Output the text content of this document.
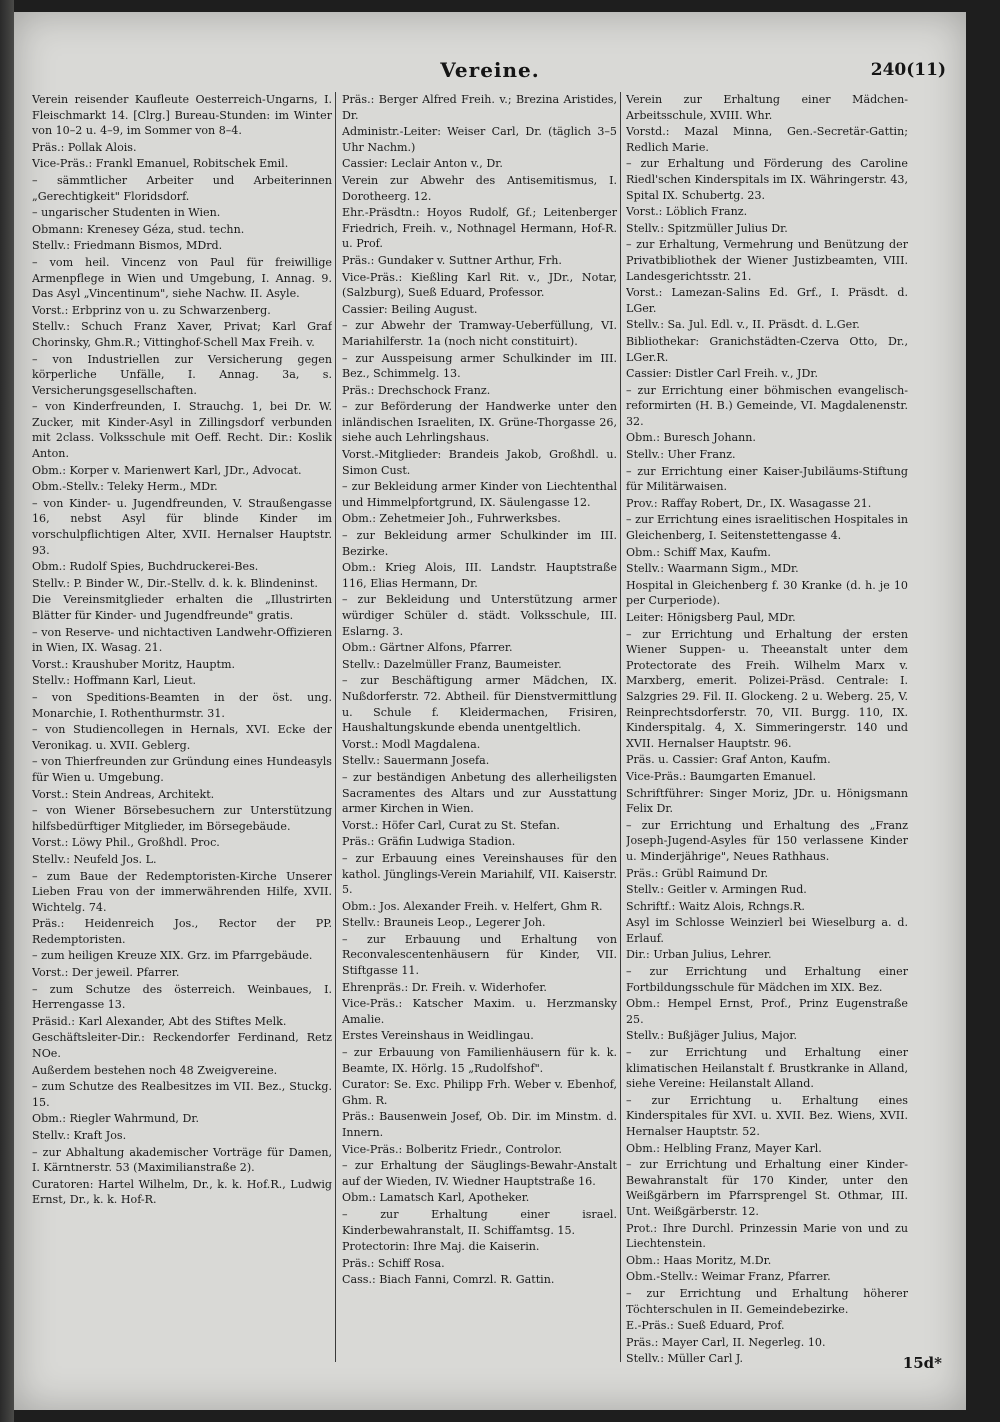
Vereine.	240(11)
Verein reisender Kaufleute Oesterreich-Ungarns, I. Fleischmarkt 14. [Clrg.] Bureau-Stunden: im Winter von 10–2 u. 4–9, im Sommer von 8–4.
Präs.: Pollak Alois.
Vice-Präs.: Frankl Emanuel, Robitschek Emil.
– sämmtlicher Arbeiter und Arbeiterinnen „Gerechtigkeit" Floridsdorf.
– ungarischer Studenten in Wien.
Obmann: Krenesey Géza, stud. techn.
Stellv.: Friedmann Bismos, MDrd.
– vom heil. Vincenz von Paul für freiwillige Armenpflege in Wien und Umgebung, I. Annag. 9. Das Asyl „Vincentinum", siehe Nachw. II. Asyle.
Vorst.: Erbprinz von u. zu Schwarzenberg.
Stellv.: Schuch Franz Xaver, Privat; Karl Graf Chorinsky, Ghm.R.; Vittinghof-Schell Max Freih. v.
– von Industriellen zur Versicherung gegen körperliche Unfälle, I. Annag. 3a, s. Versicherungsgesellschaften.
– von Kinderfreunden, I. Strauchg. 1, bei Dr. W. Zucker, mit Kinder-Asyl in Zillingsdorf verbunden mit 2class. Volksschule mit Oeff. Recht. Dir.: Koslik Anton.
Obm.: Korper v. Marienwert Karl, JDr., Advocat.
Obm.-Stellv.: Teleky Herm., MDr.
– von Kinder- u. Jugendfreunden, V. Straußengasse 16, nebst Asyl für blinde Kinder im vorschulpflichtigen Alter, XVII. Hernalser Hauptstr. 93.
Obm.: Rudolf Spies, Buchdruckerei-Bes.
Stellv.: P. Binder W., Dir.-Stellv. d. k. k. Blindeninst.
Die Vereinsmitglieder erhalten die „Illustrirten Blätter für Kinder- und Jugendfreunde" gratis.
– von Reserve- und nichtactiven Landwehr-Offizieren in Wien, IX. Wasag. 21.
Vorst.: Kraushuber Moritz, Hauptm.
Stellv.: Hoffmann Karl, Lieut.
– von Speditions-Beamten in der öst. ung. Monarchie, I. Rothenthurmstr. 31.
– von Studiencollegen in Hernals, XVI. Ecke der Veronikag. u. XVII. Geblerg.
– von Thierfreunden zur Gründung eines Hundeasyls für Wien u. Umgebung.
Vorst.: Stein Andreas, Architekt.
– von Wiener Börsebesuchern zur Unterstützung hilfsbedürftiger Mitglieder, im Börsegebäude.
Vorst.: Löwy Phil., Großhdl. Proc.
Stellv.: Neufeld Jos. L.
– zum Baue der Redemptoristen-Kirche Unserer Lieben Frau von der immerwährenden Hilfe, XVII. Wichtelg. 74.
Präs.: Heidenreich Jos., Rector der PP. Redemptoristen.
– zum heiligen Kreuze XIX. Grz. im Pfarrgebäude.
Vorst.: Der jeweil. Pfarrer.
– zum Schutze des österreich. Weinbaues, I. Herrengasse 13.
Präsid.: Karl Alexander, Abt des Stiftes Melk.
Geschäftsleiter-Dir.: Reckendorfer Ferdinand, Retz NOe.
Außerdem bestehen noch 48 Zweigvereine.
– zum Schutze des Realbesitzes im VII. Bez., Stuckg. 15.
Obm.: Riegler Wahrmund, Dr.
Stellv.: Kraft Jos.
– zur Abhaltung akademischer Vorträge für Damen, I. Kärntnerstr. 53 (Maximilianstraße 2).
Curatoren: Hartel Wilhelm, Dr., k. k. Hof.R., Ludwig Ernst, Dr., k. k. Hof-R.
Präs.: Berger Alfred Freih. v.; Brezina Aristides, Dr.
Administr.-Leiter: Weiser Carl, Dr. (täglich 3–5 Uhr Nachm.)
Cassier: Leclair Anton v., Dr.
Verein zur Abwehr des Antisemitismus, I. Dorotheerg. 12.
Ehr.-Präsdtn.: Hoyos Rudolf, Gf.; Leitenberger Friedrich, Freih. v., Nothnagel Hermann, Hof-R. u. Prof.
Präs.: Gundaker v. Suttner Arthur, Frh.
Vice-Präs.: Kießling Karl Rit. v., JDr., Notar, (Salzburg), Sueß Eduard, Professor.
Cassier: Beiling August.
– zur Abwehr der Tramway-Ueberfüllung, VI. Mariahilferstr. 1a (noch nicht constituirt).
– zur Ausspeisung armer Schulkinder im III. Bez., Schimmelg. 13.
Präs.: Drechschock Franz.
– zur Beförderung der Handwerke unter den inländischen Israeliten, IX. Grüne-Thorgasse 26, siehe auch Lehrlingshaus.
Vorst.-Mitglieder: Brandeis Jakob, Großhdl. u. Simon Cust.
– zur Bekleidung armer Kinder von Liechtenthal und Himmelpfortgrund, IX. Säulengasse 12.
Obm.: Zehetmeier Joh., Fuhrwerksbes.
– zur Bekleidung armer Schulkinder im III. Bezirke.
Obm.: Krieg Alois, III. Landstr. Hauptstraße 116, Elias Hermann, Dr.
– zur Bekleidung und Unterstützung armer würdiger Schüler d. städt. Volksschule, III. Eslarng. 3.
Obm.: Gärtner Alfons, Pfarrer.
Stellv.: Dazelmüller Franz, Baumeister.
– zur Beschäftigung armer Mädchen, IX. Nußdorferstr. 72. Abtheil. für Dienstvermittlung u. Schule f. Kleidermachen, Frisiren, Haushaltungskunde ebenda unentgeltlich.
Vorst.: Modl Magdalena.
Stellv.: Sauermann Josefa.
– zur beständigen Anbetung des allerheiligsten Sacramentes des Altars und zur Ausstattung armer Kirchen in Wien.
Vorst.: Höfer Carl, Curat zu St. Stefan.
Präs.: Gräfin Ludwiga Stadion.
– zur Erbauung eines Vereinshauses für den kathol. Jünglings-Verein Mariahilf, VII. Kaiserstr. 5.
Obm.: Jos. Alexander Freih. v. Helfert, Ghm R.
Stellv.: Brauneis Leop., Legerer Joh.
– zur Erbauung und Erhaltung von Reconvalescentenhäusern für Kinder, VII. Stiftgasse 11.
Ehrenpräs.: Dr. Freih. v. Widerhofer.
Vice-Präs.: Katscher Maxim. u. Herzmansky Amalie.
Erstes Vereinshaus in Weidlingau.
– zur Erbauung von Familienhäusern für k. k. Beamte, IX. Hörlg. 15 „Rudolfshof".
Curator: Se. Exc. Philipp Frh. Weber v. Ebenhof, Ghm. R.
Präs.: Bausenwein Josef, Ob. Dir. im Minstm. d. Innern.
Vice-Präs.: Bolberitz Friedr., Controlor.
– zur Erhaltung der Säuglings-Bewahr-Anstalt auf der Wieden, IV. Wiedner Hauptstraße 16.
Obm.: Lamatsch Karl, Apotheker.
– zur Erhaltung einer israel. Kinderbewahranstalt, II. Schiffamtsg. 15.
Protectorin: Ihre Maj. die Kaiserin.
Präs.: Schiff Rosa.
Cass.: Biach Fanni, Comrzl. R. Gattin.
Verein zur Erhaltung einer Mädchen-Arbeitsschule, XVIII. Whr.
Vorstd.: Mazal Minna, Gen.-Secretär-Gattin; Redlich Marie.
– zur Erhaltung und Förderung des Caroline Riedl'schen Kinderspitals im IX. Währingerstr. 43, Spital IX. Schubertg. 23.
Vorst.: Löblich Franz.
Stellv.: Spitzmüller Julius Dr.
– zur Erhaltung, Vermehrung und Benützung der Privatbibliothek der Wiener Justizbeamten, VIII. Landesgerichtsstr. 21.
Vorst.: Lamezan-Salins Ed. Grf., I. Präsdt. d. LGer.
Stellv.: Sa. Jul. Edl. v., II. Präsdt. d. L.Ger.
Bibliothekar: Granichstädten-Czerva Otto, Dr., LGer.R.
Cassier: Distler Carl Freih. v., JDr.
– zur Errichtung einer böhmischen evangelisch-reformirten (H. B.) Gemeinde, VI. Magdalenenstr. 32.
Obm.: Buresch Johann.
Stellv.: Uher Franz.
– zur Errichtung einer Kaiser-Jubiläums-Stiftung für Militärwaisen.
Prov.: Raffay Robert, Dr., IX. Wasagasse 21.
– zur Errichtung eines israelitischen Hospitales in Gleichenberg, I. Seitenstettengasse 4.
Obm.: Schiff Max, Kaufm.
Stellv.: Waarmann Sigm., MDr.
Hospital in Gleichenberg f. 30 Kranke (d. h. je 10 per Curperiode).
Leiter: Hönigsberg Paul, MDr.
– zur Errichtung und Erhaltung der ersten Wiener Suppen- u. Theeanstalt unter dem Protectorate des Freih. Wilhelm Marx v. Marxberg, emerit. Polizei-Präsd. Centrale: I. Salzgries 29. Fil. II. Glockeng. 2 u. Weberg. 25, V. Reinprechtsdorferstr. 70, VII. Burgg. 110, IX. Kinderspitalg. 4, X. Simmeringerstr. 140 und XVII. Hernalser Hauptstr. 96.
Präs. u. Cassier: Graf Anton, Kaufm.
Vice-Präs.: Baumgarten Emanuel.
Schriftführer: Singer Moriz, JDr. u. Hönigsmann Felix Dr.
– zur Errichtung und Erhaltung des „Franz Joseph-Jugend-Asyles für 150 verlassene Kinder u. Minderjährige", Neues Rathhaus.
Präs.: Grübl Raimund Dr.
Stellv.: Geitler v. Armingen Rud.
Schriftf.: Waitz Alois, Rchngs.R.
Asyl im Schlosse Weinzierl bei Wieselburg a. d. Erlauf.
Dir.: Urban Julius, Lehrer.
– zur Errichtung und Erhaltung einer Fortbildungsschule für Mädchen im XIX. Bez.
Obm.: Hempel Ernst, Prof., Prinz Eugenstraße 25.
Stellv.: Bußjäger Julius, Major.
– zur Errichtung und Erhaltung einer klimatischen Heilanstalt f. Brustkranke in Alland, siehe Vereine: Heilanstalt Alland.
– zur Errichtung u. Erhaltung eines Kinderspitales für XVI. u. XVII. Bez. Wiens, XVII. Hernalser Hauptstr. 52.
Obm.: Helbling Franz, Mayer Karl.
– zur Errichtung und Erhaltung einer Kinder-Bewahranstalt für 170 Kinder, unter den Weißgärbern im Pfarrsprengel St. Othmar, III. Unt. Weißgärberstr. 12.
Prot.: Ihre Durchl. Prinzessin Marie von und zu Liechtenstein.
Obm.: Haas Moritz, M.Dr.
Obm.-Stellv.: Weimar Franz, Pfarrer.
– zur Errichtung und Erhaltung höherer Töchterschulen in II. Gemeindebezirke.
E.-Präs.: Sueß Eduard, Prof.
Präs.: Mayer Carl, II. Negerleg. 10.
Stellv.: Müller Carl J.	15d*
